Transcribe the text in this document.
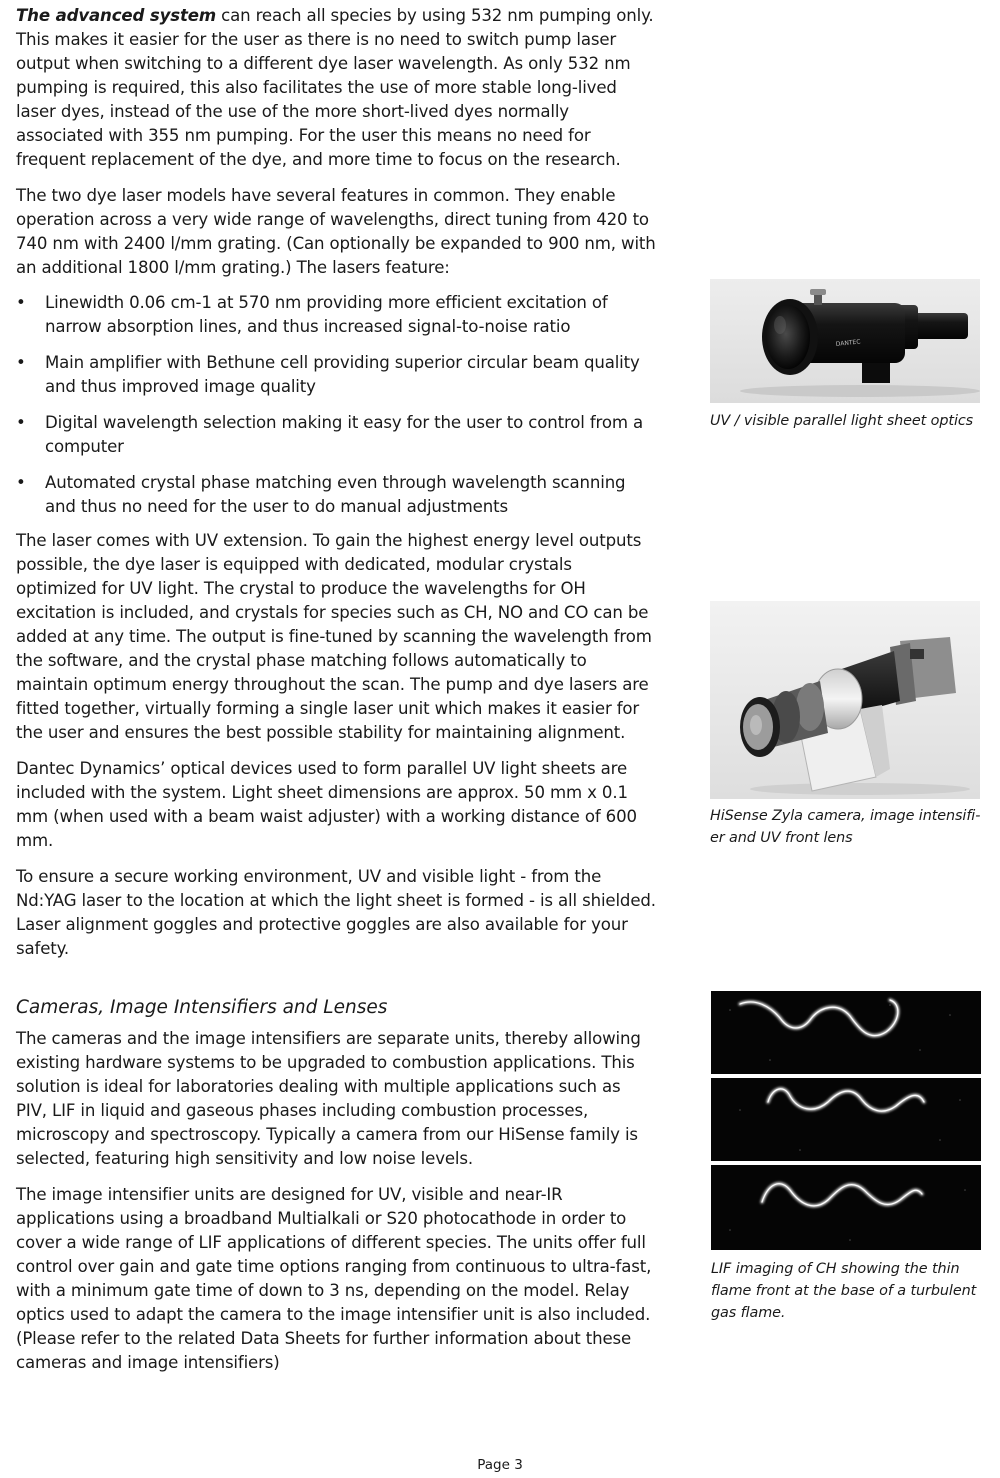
The advanced system can reach all species by using 532 nm pumping only. This makes it easier for the user as there is no need to switch pump laser output when switching to a different dye laser wavelength. As only 532 nm pumping is required, this also facilitates the use of more stable long-lived laser dyes, instead of the use of the more short-lived dyes normally associated with 355 nm pumping. For the user this means no need for frequent replacement of the dye, and more time to focus on the research.

The two dye laser models have several features in common. They enable operation across a very wide range of wavelengths, direct tuning from 420 to 740 nm with 2400 l/mm grating. (Can optionally be expanded to 900 nm, with an additional 1800 l/mm grating.) The lasers feature:

• Linewidth 0.06 cm-1 at 570 nm providing more efficient excitation of narrow absorption lines, and thus increased signal-to-noise ratio
• Main amplifier with Bethune cell providing superior circular beam quality and thus improved image quality
• Digital wavelength selection making it easy for the user to control from a computer
• Automated crystal phase matching even through wavelength scanning and thus no need for the user to do manual adjustments

The laser comes with UV extension. To gain the highest energy level outputs possible, the dye laser is equipped with dedicated, modular crystals optimized for UV light. The crystal to produce the wavelengths for OH excitation is included, and crystals for species such as CH, NO and CO can be added at any time. The output is fine-tuned by scanning the wavelength from the software, and the crystal phase matching follows automatically to maintain optimum energy throughout the scan. The pump and dye lasers are fitted together, virtually forming a single laser unit which makes it easier for the user and ensures the best possible stability for maintaining alignment.

Dantec Dynamics’ optical devices used to form parallel UV light sheets are included with the system. Light sheet dimensions are approx. 50 mm x 0.1 mm (when used with a beam waist adjuster) with a working distance of 600 mm.

To ensure a secure working environment, UV and visible light - from the Nd:YAG laser to the location at which the light sheet is formed - is all shielded. Laser alignment goggles and protective goggles are also available for your safety.

Cameras, Image Intensifiers and Lenses

The cameras and the image intensifiers are separate units, thereby allowing existing hardware systems to be upgraded to combustion applications. This solution is ideal for laboratories dealing with multiple applications such as PIV, LIF in liquid and gaseous phases including combustion processes, microscopy and spectroscopy. Typically a camera from our HiSense family is selected, featuring high sensitivity and low noise levels.

The image intensifier units are designed for UV, visible and near-IR applications using a broadband Multialkali or S20 photocathode in order to cover a wide range of LIF applications of different species. The units offer full control over gain and gate time options ranging from continuous to ultra-fast, with a minimum gate time of down to 3 ns, depending on the model. Relay optics used to adapt the camera to the image intensifier unit is also included. (Please refer to the related Data Sheets for further information about these cameras and image intensifiers)

DANTEC

UV / visible parallel light sheet optics

HiSense Zyla camera, image intensifi-er and UV front lens

LIF imaging of CH showing the thin flame front at the base of a turbulent gas flame.

Page 3
